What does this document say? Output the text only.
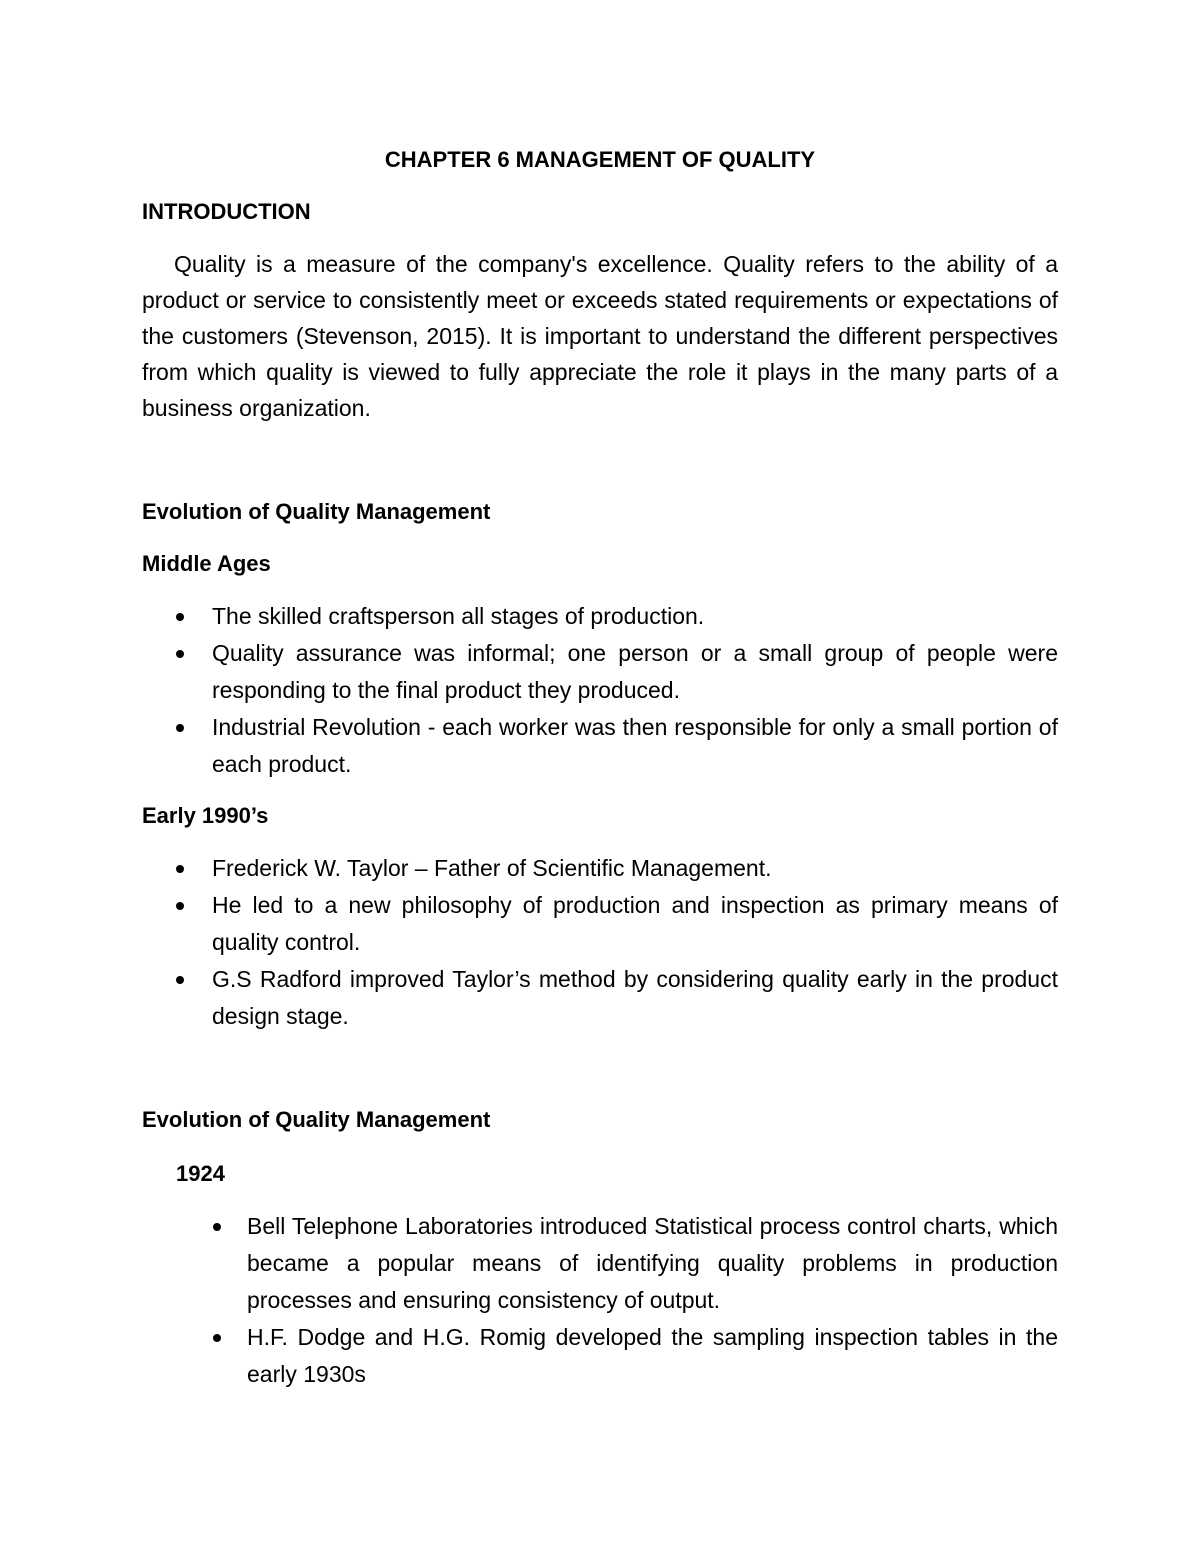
CHAPTER 6 MANAGEMENT OF QUALITY
INTRODUCTION

Quality is a measure of the company's excellence. Quality refers to the ability of a product or service to consistently meet or exceeds stated requirements or expectations of the customers (Stevenson, 2015). It is important to understand the different perspectives from which quality is viewed to fully appreciate the role it plays in the many parts of a business organization.

Evolution of Quality Management
Middle Ages
The skilled craftsperson all stages of production.
Quality assurance was informal; one person or a small group of people were responding to the final product they produced.
Industrial Revolution - each worker was then responsible for only a small portion of each product.
Early 1990’s
Frederick W. Taylor – Father of Scientific Management.
He led to a new philosophy of production and inspection as primary means of quality control.
G.S Radford improved Taylor’s method by considering quality early in the product design stage.
Evolution of Quality Management
1924
Bell Telephone Laboratories introduced Statistical process control charts, which became a popular means of identifying quality problems in production processes and ensuring consistency of output.
H.F. Dodge and H.G. Romig developed the sampling inspection tables in the early 1930s
